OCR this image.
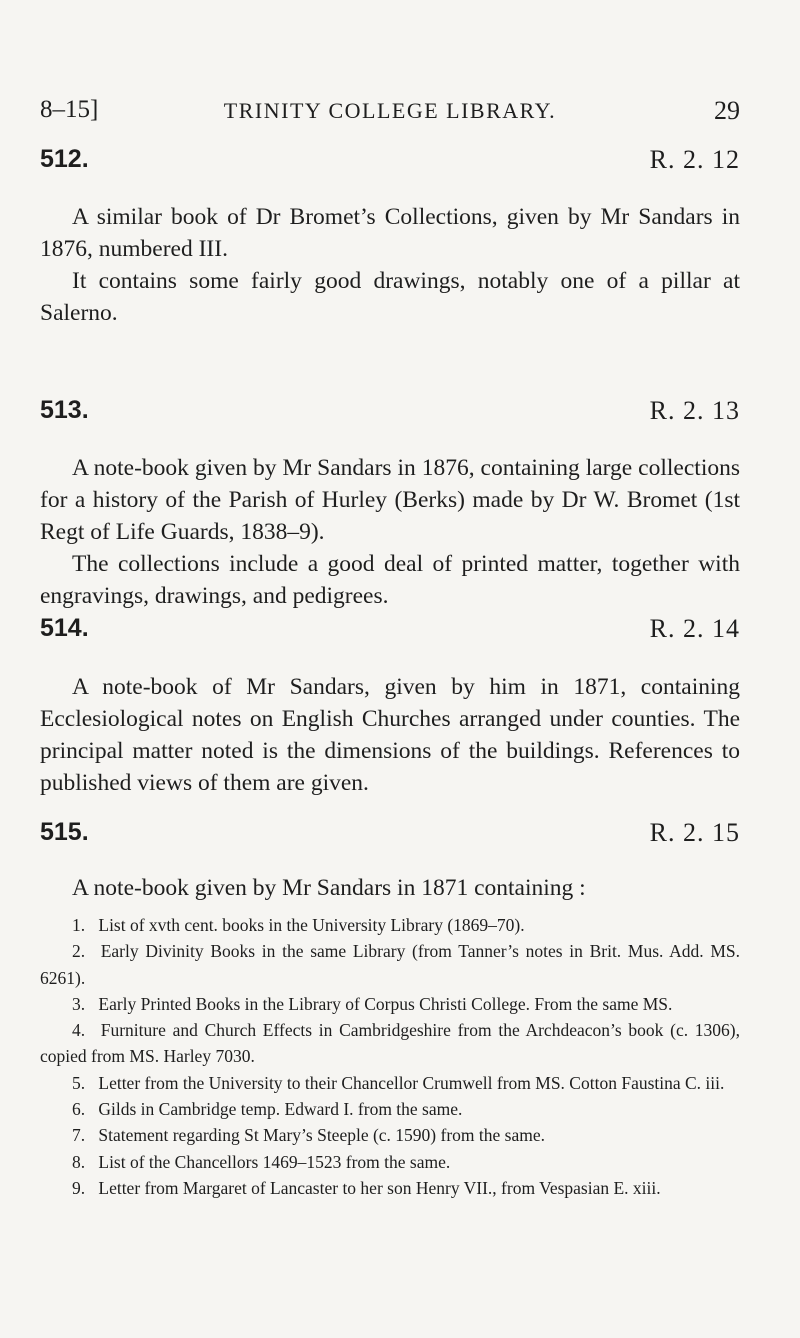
8–15]	TRINITY COLLEGE LIBRARY.	29
512.	R. 2. 12

A similar book of Dr Bromet’s Collections, given by Mr Sandars in 1876, numbered III.

It contains some fairly good drawings, notably one of a pillar at Salerno.

513.	R. 2. 13

A note-book given by Mr Sandars in 1876, containing large collections for a history of the Parish of Hurley (Berks) made by Dr W. Bromet (1st Regt of Life Guards, 1838–9).

The collections include a good deal of printed matter, together with engravings, drawings, and pedigrees.

514.	R. 2. 14

A note-book of Mr Sandars, given by him in 1871, containing Ecclesiological notes on English Churches arranged under counties. The principal matter noted is the dimensions of the buildings. References to published views of them are given.

515.	R. 2. 15

A note-book given by Mr Sandars in 1871 containing :

1. List of xvth cent. books in the University Library (1869–70).

2. Early Divinity Books in the same Library (from Tanner’s notes in Brit. Mus. Add. MS. 6261).

3. Early Printed Books in the Library of Corpus Christi College. From the same MS.

4. Furniture and Church Effects in Cambridgeshire from the Archdeacon’s book (c. 1306), copied from MS. Harley 7030.

5. Letter from the University to their Chancellor Crumwell from MS. Cotton Faustina C. iii.

6. Gilds in Cambridge temp. Edward I. from the same.

7. Statement regarding St Mary’s Steeple (c. 1590) from the same.

8. List of the Chancellors 1469–1523 from the same.

9. Letter from Margaret of Lancaster to her son Henry VII., from Vespasian E. xiii.
